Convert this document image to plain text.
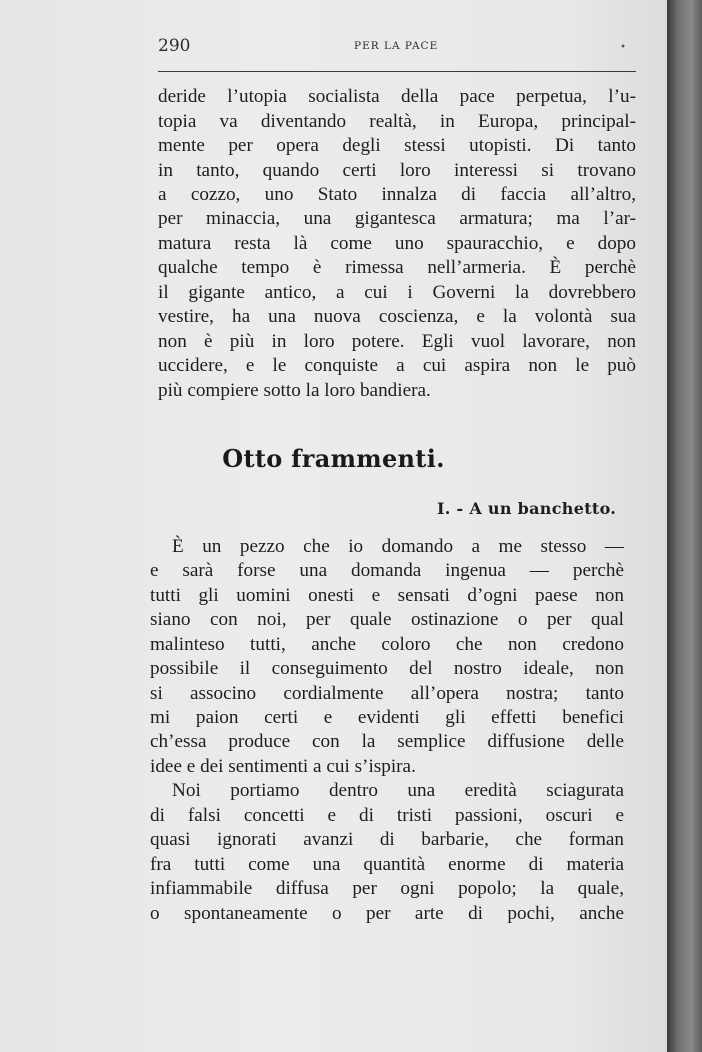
290	PER LA PACE	•
deride l’utopia socialista della pace perpetua, l’u-
topia va diventando realtà, in Europa, principal-
mente per opera degli stessi utopisti. Di tanto
in tanto, quando certi loro interessi si trovano
a cozzo, uno Stato innalza di faccia all’altro,
per minaccia, una gigantesca armatura; ma l’ar-
matura resta là come uno spauracchio, e dopo
qualche tempo è rimessa nell’armeria. È perchè
il gigante antico, a cui i Governi la dovrebbero
vestire, ha una nuova coscienza, e la volontà sua
non è più in loro potere. Egli vuol lavorare, non
uccidere, e le conquiste a cui aspira non le può
più compiere sotto la loro bandiera.
Otto frammenti.
I. - A un banchetto.
È un pezzo che io domando a me stesso —
e sarà forse una domanda ingenua — perchè
tutti gli uomini onesti e sensati d’ogni paese non
siano con noi, per quale ostinazione o per qual
malinteso tutti, anche coloro che non credono
possibile il conseguimento del nostro ideale, non
si associno cordialmente all’opera nostra; tanto
mi paion certi e evidenti gli effetti benefici
ch’essa produce con la semplice diffusione delle
idee e dei sentimenti a cui s’ispira.
Noi portiamo dentro una eredità sciagurata
di falsi concetti e di tristi passioni, oscuri e
quasi ignorati avanzi di barbarie, che forman
fra tutti come una quantità enorme di materia
infiammabile diffusa per ogni popolo; la quale,
o spontaneamente o per arte di pochi, anche
